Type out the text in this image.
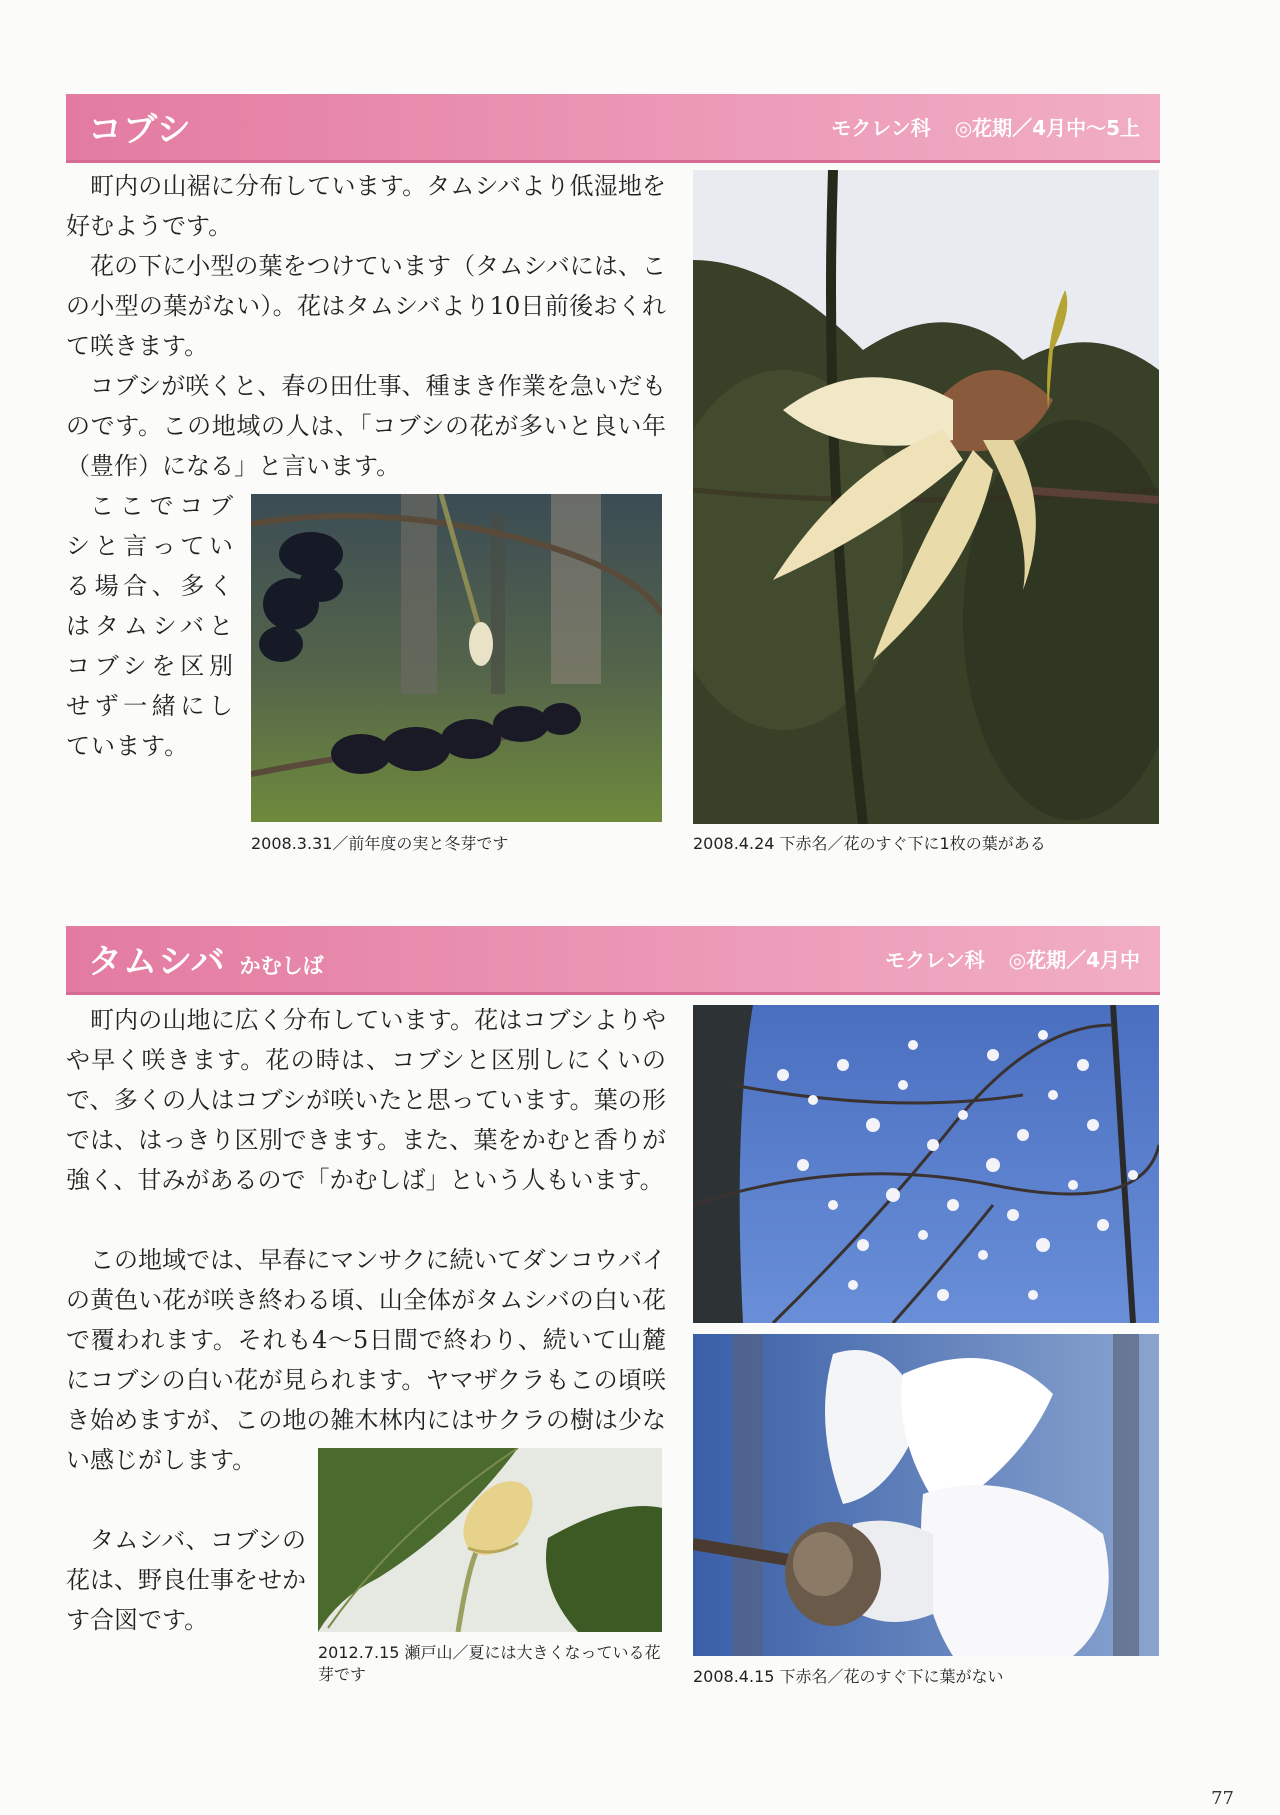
コブシ	モクレン科 ◎花期／4月中〜5上

町内の山裾に分布しています。タムシバより低湿地を好むようです。

花の下に小型の葉をつけています（タムシバには、この小型の葉がない）。花はタムシバより10日前後おくれて咲きます。

コブシが咲くと、春の田仕事、種まき作業を急いだものです。この地域の人は、「コブシの花が多いと良い年（豊作）になる」と言います。

ここでコブシと言っている場合、多くはタムシバとコブシを区別せず一緒にしています。

2008.3.31／前年度の実と冬芽です	2008.4.24 下赤名／花のすぐ下に1枚の葉がある

タムシバ かむしば	モクレン科 ◎花期／4月中

町内の山地に広く分布しています。花はコブシよりやや早く咲きます。花の時は、コブシと区別しにくいので、多くの人はコブシが咲いたと思っています。葉の形では、はっきり区別できます。また、葉をかむと香りが強く、甘みがあるので「かむしば」という人もいます。

この地域では、早春にマンサクに続いてダンコウバイの黄色い花が咲き終わる頃、山全体がタムシバの白い花で覆われます。それも4〜5日間で終わり、続いて山麓にコブシの白い花が見られます。ヤマザクラもこの頃咲き始めますが、この地の雑木林内にはサクラの樹は少ない感じがします。

タムシバ、コブシの花は、野良仕事をせかす合図です。

2012.7.15 瀬戸山／夏には大きくなっている花芽です	2008.4.15 下赤名／花のすぐ下に葉がない

77
